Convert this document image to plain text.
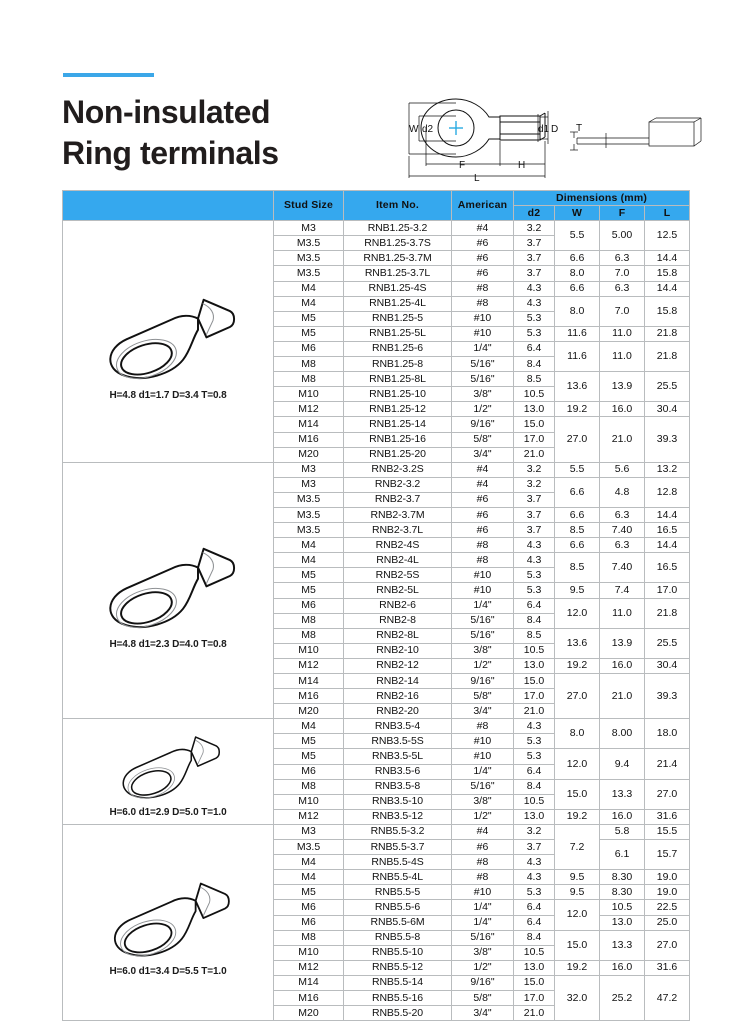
Non-insulated
Ring terminals
W d2	d1 D
F	H
L
T
	Stud Size	Item No.	American	Dimensions (mm)			
				d2	W	F	L

H=4.8 d1=1.7 D=3.4 T=0.8	M3	RNB1.25-3.2	#4	3.2	5.5	5.00	12.5
	M3.5	RNB1.25-3.7S	#6	3.7			
	M3.5	RNB1.25-3.7M	#6	3.7	6.6	6.3	14.4
	M3.5	RNB1.25-3.7L	#6	3.7	8.0	7.0	15.8
	M4	RNB1.25-4S	#8	4.3	6.6	6.3	14.4
	M4	RNB1.25-4L	#8	4.3	8.0	7.0	15.8
	M5	RNB1.25-5	#10	5.3			
	M5	RNB1.25-5L	#10	5.3	11.6	11.0	21.8
	M6	RNB1.25-6	1/4"	6.4	11.6	11.0	21.8
	M8	RNB1.25-8	5/16"	8.4			
	M8	RNB1.25-8L	5/16"	8.5	13.6	13.9	25.5
	M10	RNB1.25-10	3/8"	10.5			
	M12	RNB1.25-12	1/2"	13.0	19.2	16.0	30.4
	M14	RNB1.25-14	9/16"	15.0	27.0	21.0	39.3
	M16	RNB1.25-16	5/8"	17.0			
	M20	RNB1.25-20	3/4"	21.0			

H=4.8 d1=2.3 D=4.0 T=0.8	M3	RNB2-3.2S	#4	3.2	5.5	5.6	13.2
	M3	RNB2-3.2	#4	3.2	6.6	4.8	12.8
	M3.5	RNB2-3.7	#6	3.7			
	M3.5	RNB2-3.7M	#6	3.7	6.6	6.3	14.4
	M3.5	RNB2-3.7L	#6	3.7	8.5	7.40	16.5
	M4	RNB2-4S	#8	4.3	6.6	6.3	14.4
	M4	RNB2-4L	#8	4.3	8.5	7.40	16.5
	M5	RNB2-5S	#10	5.3			
	M5	RNB2-5L	#10	5.3	9.5	7.4	17.0
	M6	RNB2-6	1/4"	6.4	12.0	11.0	21.8
	M8	RNB2-8	5/16"	8.4			
	M8	RNB2-8L	5/16"	8.5	13.6	13.9	25.5
	M10	RNB2-10	3/8"	10.5			
	M12	RNB2-12	1/2"	13.0	19.2	16.0	30.4
	M14	RNB2-14	9/16"	15.0	27.0	21.0	39.3
	M16	RNB2-16	5/8"	17.0			
	M20	RNB2-20	3/4"	21.0			

H=6.0 d1=2.9 D=5.0 T=1.0	M4	RNB3.5-4	#8	4.3	8.0	8.00	18.0
	M5	RNB3.5-5S	#10	5.3			
	M5	RNB3.5-5L	#10	5.3	12.0	9.4	21.4
	M6	RNB3.5-6	1/4"	6.4			
	M8	RNB3.5-8	5/16"	8.4	15.0	13.3	27.0
	M10	RNB3.5-10	3/8"	10.5			
	M12	RNB3.5-12	1/2"	13.0	19.2	16.0	31.6

H=6.0 d1=3.4 D=5.5 T=1.0	M3	RNB5.5-3.2	#4	3.2	7.2	5.8	15.5
	M3.5	RNB5.5-3.7	#6	3.7		6.1	15.7
	M4	RNB5.5-4S	#8	4.3			
	M4	RNB5.5-4L	#8	4.3	9.5	8.30	19.0
	M5	RNB5.5-5	#10	5.3	9.5	8.30	19.0
	M6	RNB5.5-6	1/4"	6.4	12.0	10.5	22.5
	M6	RNB5.5-6M	1/4"	6.4		13.0	25.0
	M8	RNB5.5-8	5/16"	8.4	15.0	13.3	27.0
	M10	RNB5.5-10	3/8"	10.5			
	M12	RNB5.5-12	1/2"	13.0	19.2	16.0	31.6
	M14	RNB5.5-14	9/16"	15.0	32.0	25.2	47.2
	M16	RNB5.5-16	5/8"	17.0			
	M20	RNB5.5-20	3/4"	21.0			
